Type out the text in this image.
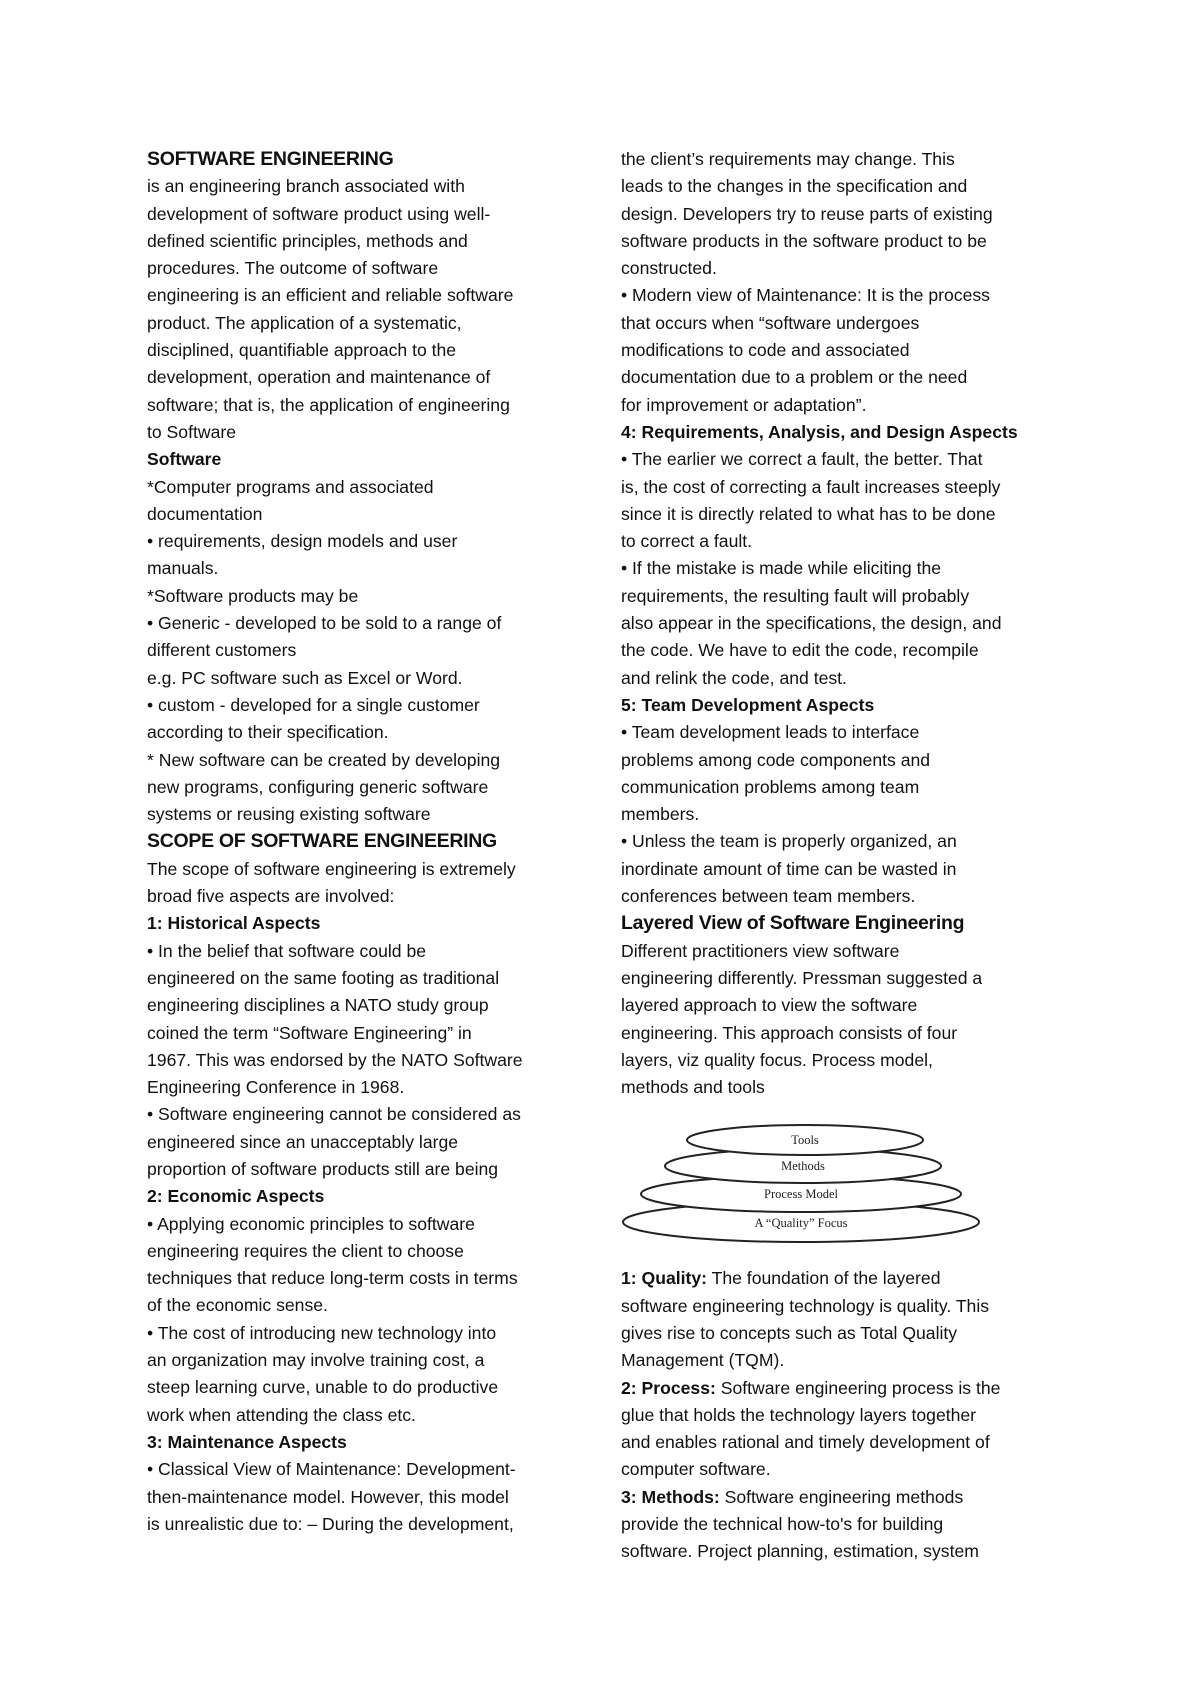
SOFTWARE ENGINEERING
is an engineering branch associated with
development of software product using well-
defined scientific principles, methods and
procedures. The outcome of software
engineering is an efficient and reliable software
product. The application of a systematic,
disciplined, quantifiable approach to the
development, operation and maintenance of
software; that is, the application of engineering
to Software
Software
*Computer programs and associated
documentation
• requirements, design models and user
manuals.
*Software products may be
• Generic - developed to be sold to a range of
different customers
e.g. PC software such as Excel or Word.
• custom - developed for a single customer
according to their specification.
* New software can be created by developing
new programs, configuring generic software
systems or reusing existing software
SCOPE OF SOFTWARE ENGINEERING
The scope of software engineering is extremely
broad five aspects are involved:
1: Historical Aspects
• In the belief that software could be
engineered on the same footing as traditional
engineering disciplines a NATO study group
coined the term “Software Engineering” in
1967. This was endorsed by the NATO Software
Engineering Conference in 1968.
• Software engineering cannot be considered as
engineered since an unacceptably large
proportion of software products still are being
2: Economic Aspects
• Applying economic principles to software
engineering requires the client to choose
techniques that reduce long-term costs in terms
of the economic sense.
• The cost of introducing new technology into
an organization may involve training cost, a
steep learning curve, unable to do productive
work when attending the class etc.
3: Maintenance Aspects
• Classical View of Maintenance: Development-
then-maintenance model. However, this model
is unrealistic due to: – During the development,
the client’s requirements may change. This
leads to the changes in the specification and
design. Developers try to reuse parts of existing
software products in the software product to be
constructed.
• Modern view of Maintenance: It is the process
that occurs when “software undergoes
modifications to code and associated
documentation due to a problem or the need
for improvement or adaptation”.
4: Requirements, Analysis, and Design Aspects
• The earlier we correct a fault, the better. That
is, the cost of correcting a fault increases steeply
since it is directly related to what has to be done
to correct a fault.
• If the mistake is made while eliciting the
requirements, the resulting fault will probably
also appear in the specifications, the design, and
the code. We have to edit the code, recompile
and relink the code, and test.
5: Team Development Aspects
• Team development leads to interface
problems among code components and
communication problems among team
members.
• Unless the team is properly organized, an
inordinate amount of time can be wasted in
conferences between team members.
Layered View of Software Engineering
Different practitioners view software
engineering differently. Pressman suggested a
layered approach to view the software
engineering. This approach consists of four
layers, viz quality focus. Process model,
methods and tools
Tools
Methods
Process Model
A “Quality” Focus
1: Quality: The foundation of the layered
software engineering technology is quality. This
gives rise to concepts such as Total Quality
Management (TQM).
2: Process: Software engineering process is the
glue that holds the technology layers together
and enables rational and timely development of
computer software.
3: Methods: Software engineering methods
provide the technical how-to's for building
software. Project planning, estimation, system
